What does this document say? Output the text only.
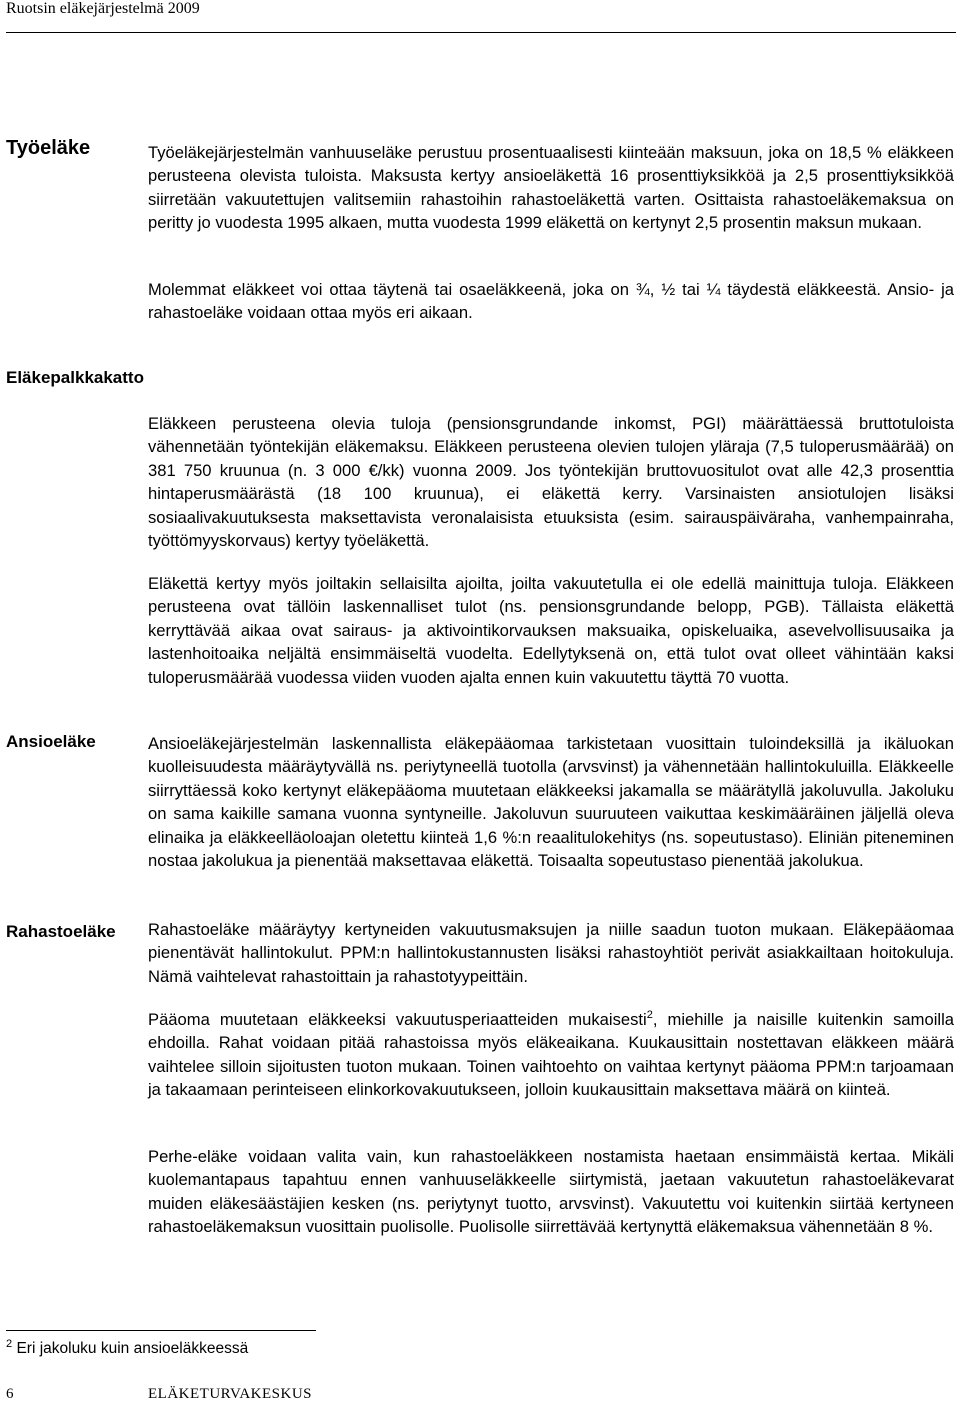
Ruotsin eläkejärjestelmä 2009
Työeläke	Työeläkejärjestelmän vanhuuseläke perustuu prosentuaalisesti kiinteään maksuun, joka on 18,5 % eläkkeen perusteena olevista tuloista. Maksusta kertyy ansioeläkettä 16 prosenttiyksikköä ja 2,5 prosenttiyksikköä siirretään vakuutettujen valitsemiin rahastoihin rahastoeläkettä varten. Osittaista rahastoeläkemaksua on peritty jo vuodesta 1995 alkaen, mutta vuodesta 1999 eläkettä on kertynyt 2,5 prosentin maksun mukaan.

Molemmat eläkkeet voi ottaa täytenä tai osaeläkkeenä, joka on ¾, ½ tai ¼ täydestä eläkkeestä. Ansio- ja rahastoeläke voidaan ottaa myös eri aikaan.

Eläkepalkkakatto

Eläkkeen perusteena olevia tuloja (pensionsgrundande inkomst, PGI) määrättäessä bruttotuloista vähennetään työntekijän eläkemaksu. Eläkkeen perusteena olevien tulojen yläraja (7,5 tuloperusmäärää) on 381 750 kruunua (n. 3 000 €/kk) vuonna 2009. Jos työntekijän bruttovuositulot ovat alle 42,3 prosenttia hintaperusmäärästä (18 100 kruunua), ei eläkettä kerry. Varsinaisten ansiotulojen lisäksi sosiaalivakuutuksesta maksettavista veronalaisista etuuksista (esim. sairauspäiväraha, vanhempainraha, työttömyyskorvaus) kertyy työeläkettä.

Eläkettä kertyy myös joiltakin sellaisilta ajoilta, joilta vakuutetulla ei ole edellä mainittuja tuloja. Eläkkeen perusteena ovat tällöin laskennalliset tulot (ns. pensionsgrundande belopp, PGB). Tällaista eläkettä kerryttävää aikaa ovat sairaus- ja aktivointikorvauksen maksuaika, opiskeluaika, asevelvollisuusaika ja lastenhoitoaika neljältä ensimmäiseltä vuodelta. Edellytyksenä on, että tulot ovat olleet vähintään kaksi tuloperusmäärää vuodessa viiden vuoden ajalta ennen kuin vakuutettu täyttä 70 vuotta.

Ansioeläke	Ansioeläkejärjestelmän laskennallista eläkepääomaa tarkistetaan vuosittain tuloindeksillä ja ikäluokan kuolleisuudesta määräytyvällä ns. periytyneellä tuotolla (arvsvinst) ja vähennetään hallintokuluilla. Eläkkeelle siirryttäessä koko kertynyt eläkepääoma muutetaan eläkkeeksi jakamalla se määrätyllä jakoluvulla. Jakoluku on sama kaikille samana vuonna syntyneille. Jakoluvun suuruuteen vaikuttaa keskimääräinen jäljellä oleva elinaika ja eläkkeelläoloajan oletettu kiinteä 1,6 %:n reaalitulokehitys (ns. sopeutustaso). Eliniän piteneminen nostaa jakolukua ja pienentää maksettavaa eläkettä. Toisaalta sopeutustaso pienentää jakolukua.

Rahastoeläke Rahastoeläke määräytyy kertyneiden vakuutusmaksujen ja niille saadun tuoton mukaan. Eläkepääomaa pienentävät hallintokulut. PPM:n hallintokustannusten lisäksi rahastoyhtiöt perivät asiakkailtaan hoitokuluja. Nämä vaihtelevat rahastoittain ja rahastotyypeittäin.

Pääoma muutetaan eläkkeeksi vakuutusperiaatteiden mukaisesti$^2$, miehille ja naisille kuitenkin samoilla ehdoilla. Rahat voidaan pitää rahastoissa myös eläkeaikana. Kuukausittain nostettavan eläkkeen määrä vaihtelee silloin sijoitusten tuoton mukaan. Toinen vaihtoehto on vaihtaa kertynyt pääoma PPM:n tarjoamaan ja takaamaan perinteiseen elinkorkovakuutukseen, jolloin kuukausittain maksettava määrä on kiinteä.

Perhe-eläke voidaan valita vain, kun rahastoeläkkeen nostamista haetaan ensimmäistä kertaa. Mikäli kuolemantapaus tapahtuu ennen vanhuuseläkkeelle siirtymistä, jaetaan vakuutetun rahastoeläkevarat muiden eläkesäästäjien kesken (ns. periytynyt tuotto, arvsvinst). Vakuutettu voi kuitenkin siirtää kertyneen rahastoeläkemaksun vuosittain puolisolle. Puolisolle siirrettävää kertynyttä eläkemaksua vähennetään 8 %.

$^2$ Eri jakoluku kuin ansioeläkkeessä
6	ELÄKETURVAKESKUS
